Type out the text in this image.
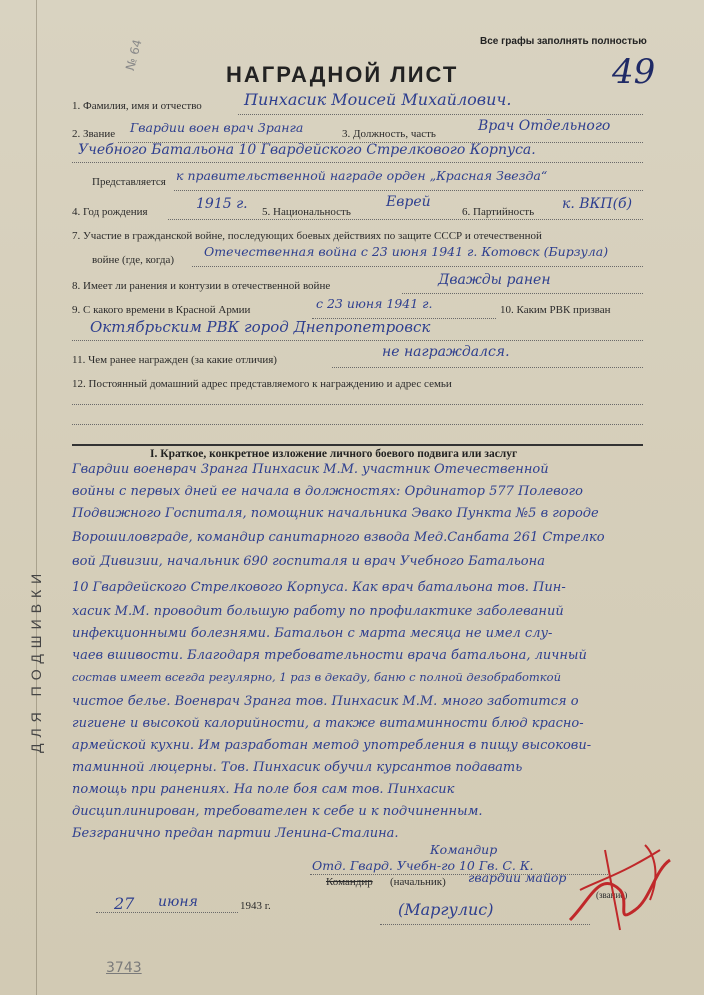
ДЛЯ ПОДШИВКИ
№ 64	Все графы заполнять полностью
49
НАГРАДНОЙ ЛИСТ
1. Фамилия, имя и отчество	Пинхасик Моисей Михайлович.
2. Звание Гвардии воен врач 3ранга	3. Должность, часть	Врач Отдельного
Учебного Батальона 10 Гвардейского Стрелкового Корпуса.
Представляется к правительственной награде орден „Красная Звезда“
4. Год рождения	1915 г. 5. Национальность
Еврей
6. Партийность к. ВКП(б)
7. Участие в гражданской войне, последующих боевых действиях по защите СССР и отечественной
войне (где, когда)
Отечественная война с 23 июня 1941 г. Котовск (Бирзула)
8. Имеет ли ранения и контузии в отечественной войне	Дважды ранен
9. С какого времени в Красной Армии	с 23 июня 1941 г.	10. Каким РВК призван
Октябрьским РВК город Днепропетровск
11. Чем ранее награжден (за какие отличия)	не награждался.
12. Постоянный домашний адрес представляемого к награждению и адрес семьи
I. Краткое, конкретное изложение личного боевого подвига или заслуг
Гвардии военврач 3ранга Пинхасик М.М. участник Отечественной
войны с первых дней ее начала в должностях: Ординатор 577 Полевого
Подвижного Госпиталя, помощник начальника Эвако Пункта №5 в городе
Ворошиловграде, командир санитарного взвода Мед.Санбата 261 Стрелко
вой Дивизии, начальник 690 госпиталя и врач Учебного Батальона
10 Гвардейского Стрелкового Корпуса. Как врач батальона тов. Пин-
хасик М.М. проводит большую работу по профилактике заболеваний
инфекционными болезнями. Батальон с марта месяца не имел слу-
чаев вшивости. Благодаря требовательности врача батальона, личный
состав имеет всегда регулярно, 1 раз в декаду, баню с полной дезобработкой
чистое белье. Военврач 3ранга тов. Пинхасик М.М. много заботится о
гигиене и высокой калорийности, а также витаминности блюд красно-
армейской кухни. Им разработан метод употребления в пищу высокови-
таминной люцерны. Тов. Пинхасик обучил курсантов подавать
помощь при ранениях. На поле боя сам тов. Пинхасик
дисциплинирован, требователен к себе и к подчиненным.
Безгранично предан партии Ленина-Сталина.
Командир
Отд. Гвард. Учебн-го 10 Гв. С. К.
Командир (начальник) гвардии майор
(звание)
27 июня	1943 г.	(Маргулис)
3743
